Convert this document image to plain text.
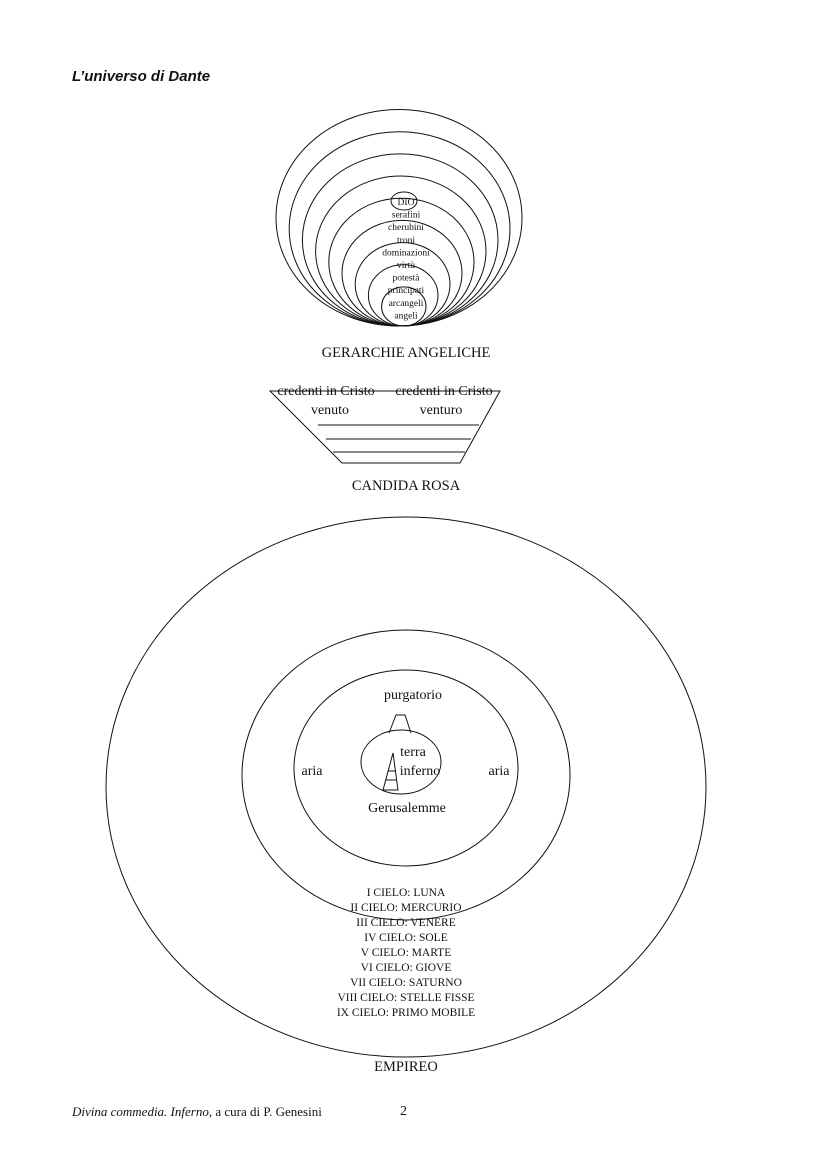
L’universo di Dante
DIO
serafini
cherubini
troni
dominazioni
virtù
potestà
principati
arcangeli
angeli
GERARCHIE ANGELICHE
credenti in Cristo
venuto
credenti in Cristo
venturo
CANDIDA ROSA
purgatorio
terra
inferno
aria	aria
Gerusalemme
I CIELO: LUNA
II CIELO: MERCURIO
III CIELO: VENERE
IV CIELO: SOLE
V CIELO: MARTE
VI CIELO: GIOVE
VII CIELO: SATURNO
VIII CIELO: STELLE FISSE
IX CIELO: PRIMO MOBILE
EMPIREO
Divina commedia. Inferno, a cura di P. Genesini	2
